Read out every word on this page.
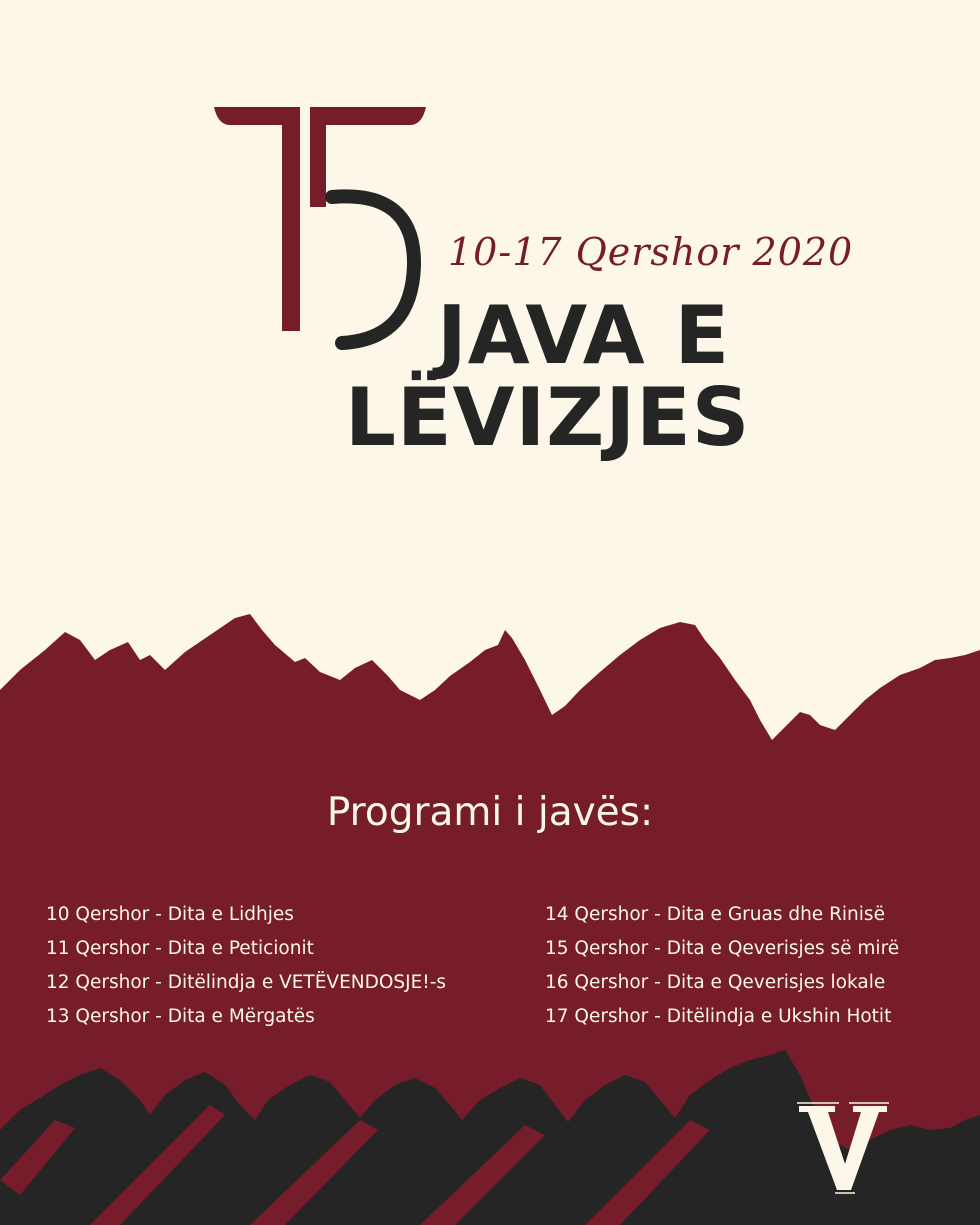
10-17 Qershor 2020
JAVA E
LËVIZJES
Programi i javës:
10 Qershor - Dita e Lidhjes
11 Qershor - Dita e Peticionit
12 Qershor - Ditëlindja e VETËVENDOSJE!-s
13 Qershor - Dita e Mërgatës
14 Qershor - Dita e Gruas dhe Rinisë
15 Qershor - Dita e Qeverisjes së mirë
16 Qershor - Dita e Qeverisjes lokale
17 Qershor - Ditëlindja e Ukshin Hotit
